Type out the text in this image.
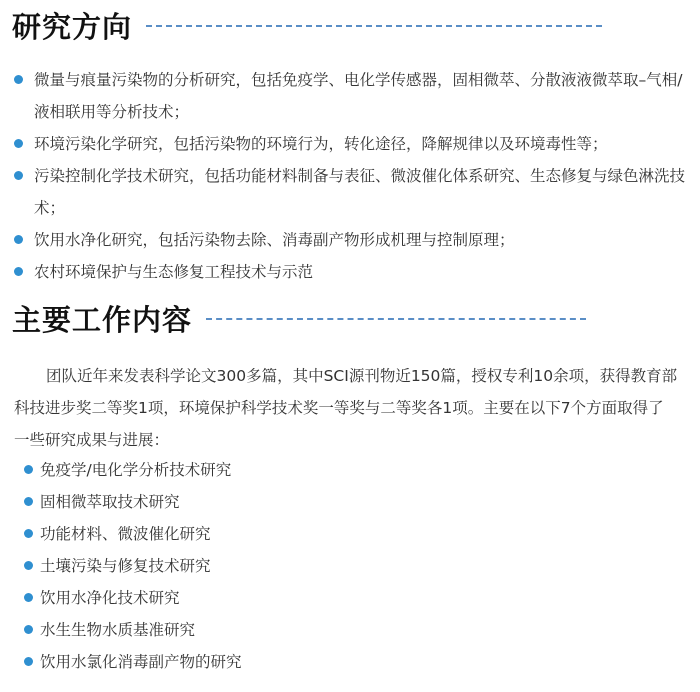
研究方向
微量与痕量污染物的分析研究，包括免疫学、电化学传感器，固相微萃、分散液液微萃取–气相/液相联用等分析技术；
环境污染化学研究，包括污染物的环境行为，转化途径，降解规律以及环境毒性等；
污染控制化学技术研究，包括功能材料制备与表征、微波催化体系研究、生态修复与绿色淋洗技术；
饮用水净化研究，包括污染物去除、消毒副产物形成机理与控制原理；
农村环境保护与生态修复工程技术与示范
主要工作内容

团队近年来发表科学论文300多篇，其中SCI源刊物近150篇，授权专利10余项，获得教育部科技进步奖二等奖1项，环境保护科学技术奖一等奖与二等奖各1项。主要在以下7个方面取得了一些研究成果与进展：

免疫学/电化学分析技术研究
固相微萃取技术研究
功能材料、微波催化研究
土壤污染与修复技术研究
饮用水净化技术研究
水生生物水质基准研究
饮用水氯化消毒副产物的研究
